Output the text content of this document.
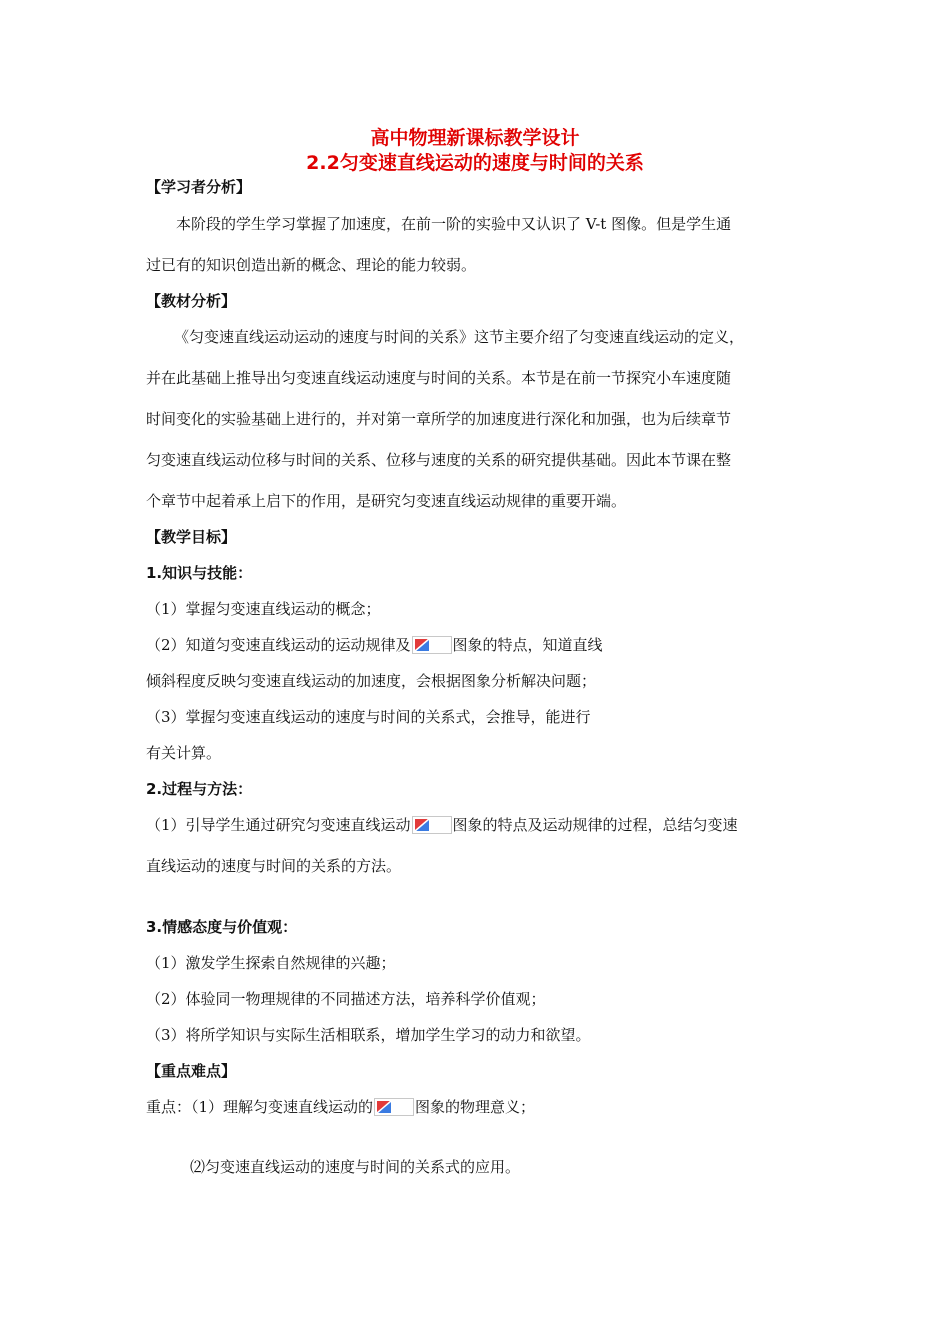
高中物理新课标教学设计
2.2匀变速直线运动的速度与时间的关系
【学习者分析】
本阶段的学生学习掌握了加速度，在前一阶的实验中又认识了 V-t 图像。但是学生通
过已有的知识创造出新的概念、理论的能力较弱。
【教材分析】
《匀变速直线运动运动的速度与时间的关系》这节主要介绍了匀变速直线运动的定义，
并在此基础上推导出匀变速直线运动速度与时间的关系。本节是在前一节探究小车速度随
时间变化的实验基础上进行的，并对第一章所学的加速度进行深化和加强，也为后续章节
匀变速直线运动位移与时间的关系、位移与速度的关系的研究提供基础。因此本节课在整
个章节中起着承上启下的作用，是研究匀变速直线运动规律的重要开端。
【教学目标】
1.知识与技能：
（1）掌握匀变速直线运动的概念；
（2）知道匀变速直线运动的运动规律及	图象的特点，知道直线
倾斜程度反映匀变速直线运动的加速度，会根据图象分析解决问题；
（3）掌握匀变速直线运动的速度与时间的关系式，会推导，能进行
有关计算。
2.过程与方法：
（1）引导学生通过研究匀变速直线运动	图象的特点及运动规律的过程，总结匀变速
直线运动的速度与时间的关系的方法。
3.情感态度与价值观：
（1）激发学生探索自然规律的兴趣；
（2）体验同一物理规律的不同描述方法，培养科学价值观；
（3）将所学知识与实际生活相联系，增加学生学习的动力和欲望。
【重点难点】
重点：（1）理解匀变速直线运动的	图象的物理意义；
⑵匀变速直线运动的速度与时间的关系式的应用。
